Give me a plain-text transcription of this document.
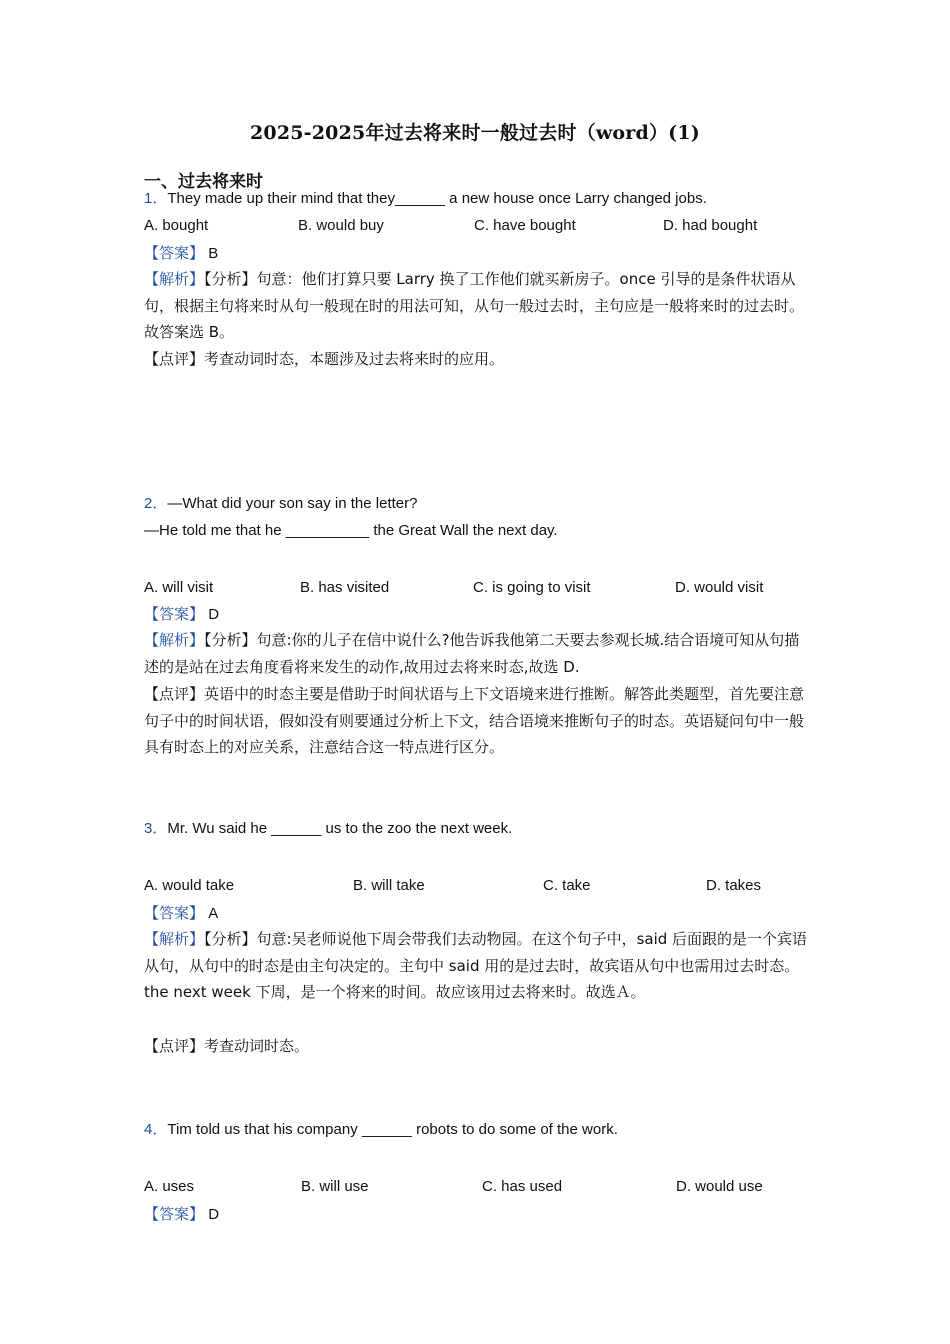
2025-2025年过去将来时一般过去时（word）(1)
一、过去将来时
1．They made up their mind that they______ a new house once Larry changed jobs.
A. bought	B. would buy	C. have bought	D. had bought
【答案】 B
【解析】【分析】句意：他们打算只要 Larry 换了工作他们就买新房子。once 引导的是条件状语从句，根据主句将来时从句一般现在时的用法可知，从句一般过去时，主句应是一般将来时的过去时。故答案选 B。
【点评】考查动词时态，本题涉及过去将来时的应用。
2．—What did your son say in the letter?
—He told me that he __________ the Great Wall the next day.
A. will visit	B. has visited	C. is going to visit	D. would visit
【答案】 D
【解析】【分析】句意:你的儿子在信中说什么?他告诉我他第二天要去参观长城.结合语境可知从句描述的是站在过去角度看将来发生的动作,故用过去将来时态,故选 D.
【点评】英语中的时态主要是借助于时间状语与上下文语境来进行推断。解答此类题型，首先要注意句子中的时间状语，假如没有则要通过分析上下文，结合语境来推断句子的时态。英语疑问句中一般具有时态上的对应关系，注意结合这一特点进行区分。
3．Mr. Wu said he ______ us to the zoo the next week.
A. would take	B. will take	C. take	D. takes
【答案】 A
【解析】【分析】句意:吴老师说他下周会带我们去动物园。在这个句子中，said 后面跟的是一个宾语从句，从句中的时态是由主句决定的。主句中 said 用的是过去时，故宾语从句中也需用过去时态。the next week 下周，是一个将来的时间。故应该用过去将来时。故选Ａ。
【点评】考查动词时态。
4．Tim told us that his company ______ robots to do some of the work.
A. uses	B. will use	C. has used	D. would use
【答案】 D
